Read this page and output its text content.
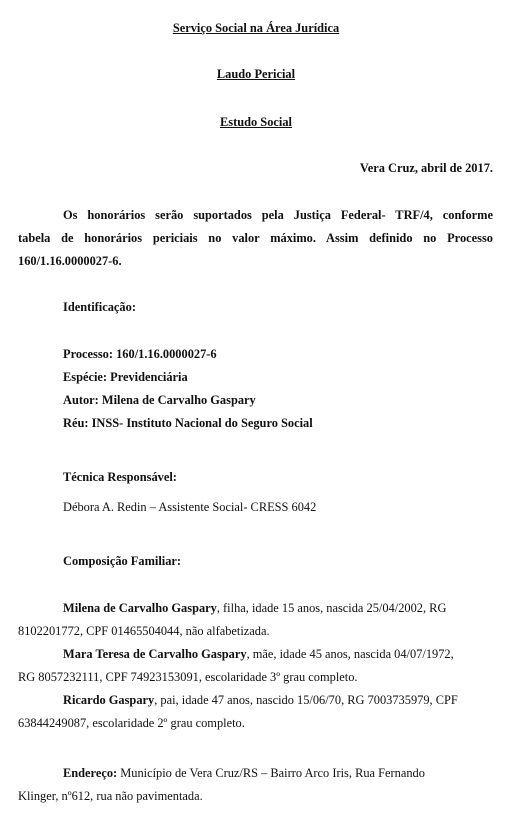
Serviço Social na Área Jurídica
Laudo Pericial
Estudo Social
Vera Cruz, abril de 2017.
Os honorários serão suportados pela Justiça Federal- TRF/4, conforme
tabela de honorários periciais no valor máximo. Assim definido no Processo
160/1.16.0000027-6.
Identificação:
Processo: 160/1.16.0000027-6
Espécie: Previdenciária
Autor: Milena de Carvalho Gaspary
Réu: INSS- Instituto Nacional do Seguro Social
Técnica Responsável:
Débora A. Redin – Assistente Social- CRESS 6042
Composição Familiar:
Milena de Carvalho Gaspary, filha, idade 15 anos, nascida 25/04/2002, RG
8102201772, CPF 01465504044, não alfabetizada.
Mara Teresa de Carvalho Gaspary, mãe, idade 45 anos, nascida 04/07/1972,
RG 8057232111, CPF 74923153091, escolaridade 3º grau completo.
Ricardo Gaspary, pai, idade 47 anos, nascido 15/06/70, RG 7003735979, CPF
63844249087, escolaridade 2º grau completo.
Endereço: Município de Vera Cruz/RS – Bairro Arco Iris, Rua Fernando
Klinger, nº612, rua não pavimentada.
